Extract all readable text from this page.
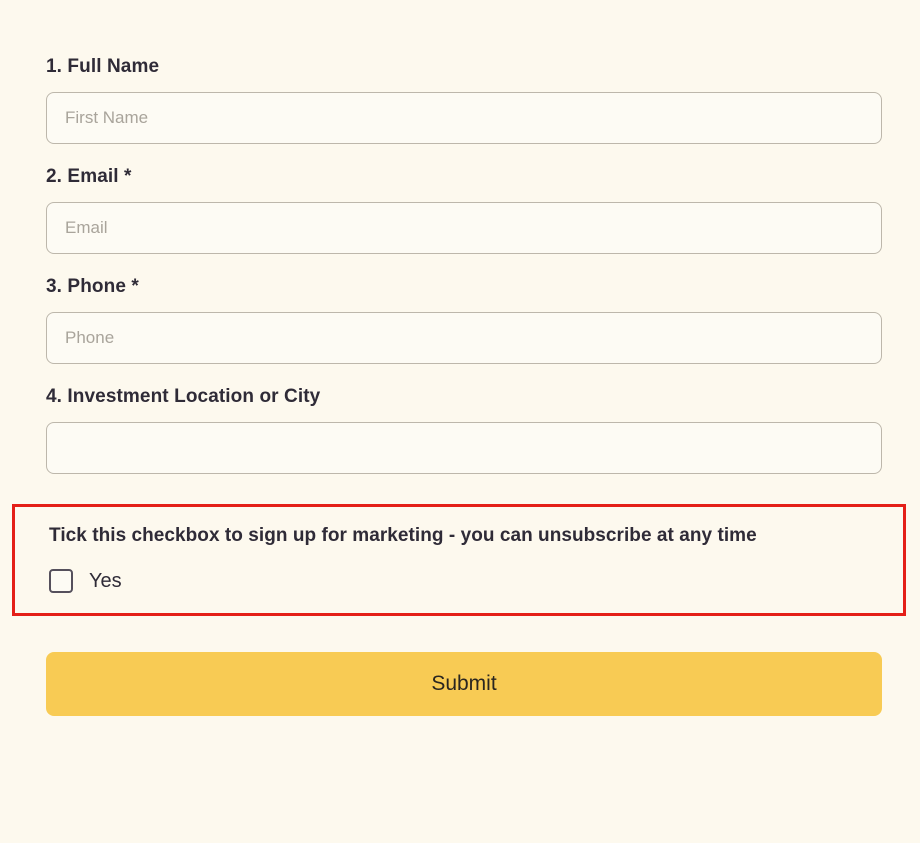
1. Full Name
First Name
2. Email *
Email
3. Phone *
Phone
4. Investment Location or City
Tick this checkbox to sign up for marketing - you can unsubscribe at any time
Yes
Submit
